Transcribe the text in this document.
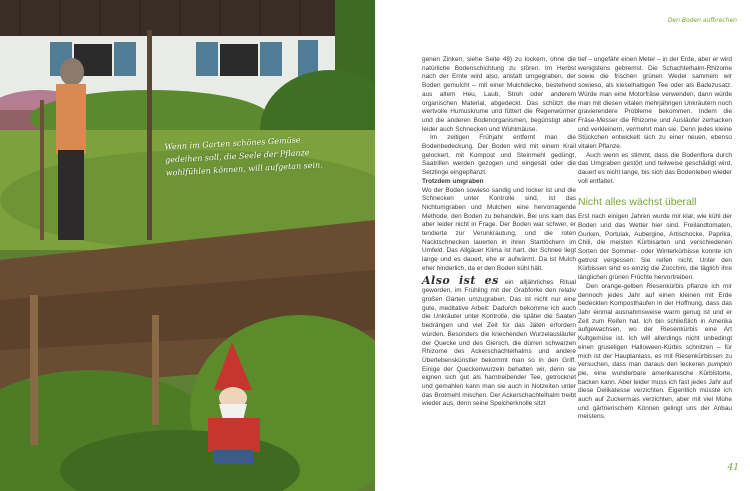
Wenn im Garten schönes Gemüse
gedeihen soll, die Seele der Pflanze
wohlfühlen können, will aufgetan sein.
Den Boden aufbrechen

genen Zinken; siehe Seite 48) zu lockern, ohne die natürliche Bodenschichtung zu stören. Im Herbst nach der Ernte wird also, anstatt umgegraben, der Boden gemulcht – mit einer Mulchdecke, bestehend aus altem Heu, Laub, Stroh oder anderem organischen Material, abgedeckt. Das schützt die wertvolle Humuskrume und füttert die Regenwürmer und die anderen Bodenorganismen, begünstigt aber leider auch Schnecken und Wühlmäuse.

Im zeitigen Frühjahr entfernt man die Bodenbedeckung. Der Boden wird mit einem Krail gelockert, mit Kompost und Steinmehl gedüngt, Saatrillen werden gezogen und eingesät oder die Setzlinge eingepflanzt.

Trotzdem umgraben

Wo der Boden sowieso sandig und locker ist und die Schnecken unter Kontrolle sind, ist das Nichtumgraben und Mulchen eine hervorragende Methode, den Boden zu behandeln. Bei uns kam das aber leider nicht in Frage. Der Boden war schwer, er tendierte zur Verunkrautung, und die roten Nacktschnecken lauerten in ihren Startlöchern im Umfeld. Das Allgäuer Klima ist hart, der Schnee liegt lange und es dauert, ehe er aufwärmt. Da ist Mulch eher hinderlich, da er den Boden kühl hält.

Also ist es ein alljährliches Ritual geworden, im Frühling mit der Grabforke den relativ großen Garten umzugraben. Das ist nicht nur eine gute, meditative Arbeit: Dadurch bekomme ich auch die Unkräuter unter Kontrolle, die später die Saaten bedrängen und viel Zeit für das Jäten erfordern würden. Besonders die kriechenden Wurzelausläufer der Quecke und des Giersch, die dürren schwarzen Rhizome des Ackerschachtelhalms und andere Überlebenskünstler bekommt man so in den Griff. Einige der Queckenwurzeln behalten wir, denn sie eignen sich gut als harntreibender Tee, getrocknet und gemahlen kann man sie auch in Notzeiten unter das Brotmehl mischen. Der Ackerschachtelhalm treibt wieder aus, denn seine Speicherknolle sitzt

tief – ungefähr einen Meter – in der Erde, aber er wird wenigstens gebremst. Die Schachtelhalm-Rhizome sowie die frischen grünen Wedel sammeln wir sowieso, als kieselhaltigen Tee oder als Badezusatz. Würde man eine Motorfräse verwenden, dann würde man mit diesen vitalen mehrjährigen Unkräutern noch gravierendere Probleme bekommen. Indem die Fräse-Messer die Rhizome und Ausläufer zerhacken und verkleinern, vermehrt man sie. Denn jedes kleine Stückchen entwickelt sich zu einer neuen, ebenso vitalen Pflanze.

Auch wenn es stimmt, dass die Bodenflora durch das Umgraben gestört und teilweise geschädigt wird, dauert es nicht lange, bis sich das Bodenleben wieder voll entfaltet.

Nicht alles wächst überall

Erst nach einigen Jahren wurde mir klar, wie kühl der Boden und das Wetter hier sind. Freilandtomaten, Gurken, Portulak, Aubergine, Artischocke, Paprika, Chili, die meisten Kürbisarten und verschiedenen Sorten der Sommer- oder Winterkürbisse konnte ich getrost vergessen: Sie reifen nicht. Unter den Kürbissen sind es einzig die Zucchini, die täglich ihre länglichen grünen Früchte hervortreiben.

Den orange-gelben Riesenkürbis pflanze ich mir dennoch jedes Jahr auf einen kleinen mit Erde bedeckten Komposthaufen in der Hoffnung, dass das Jahr einmal ausnahmsweise warm genug ist und er Zeit zum Reifen hat. Ich bin schließlich in Amerika aufgewachsen, wo der Riesenkürbis eine Art Kultgemüse ist. Ich will allerdings nicht unbedingt einen gruseligen Halloween-Kürbis schnitzen – für mich ist der Hauptanlass, es mit Riesenkürbissen zu versuchen, dass man daraus den leckeren pumpkin pie, eine wunderbare amerikanische Kürbistorte, backen kann. Aber leider muss ich fast jedes Jahr auf diese Delikatesse verzichten. Eigentlich müsste ich auch auf Zuckermais verzichten, aber mit viel Mühe und gärtnerischem Können gelingt uns der Anbau meistens.

41
